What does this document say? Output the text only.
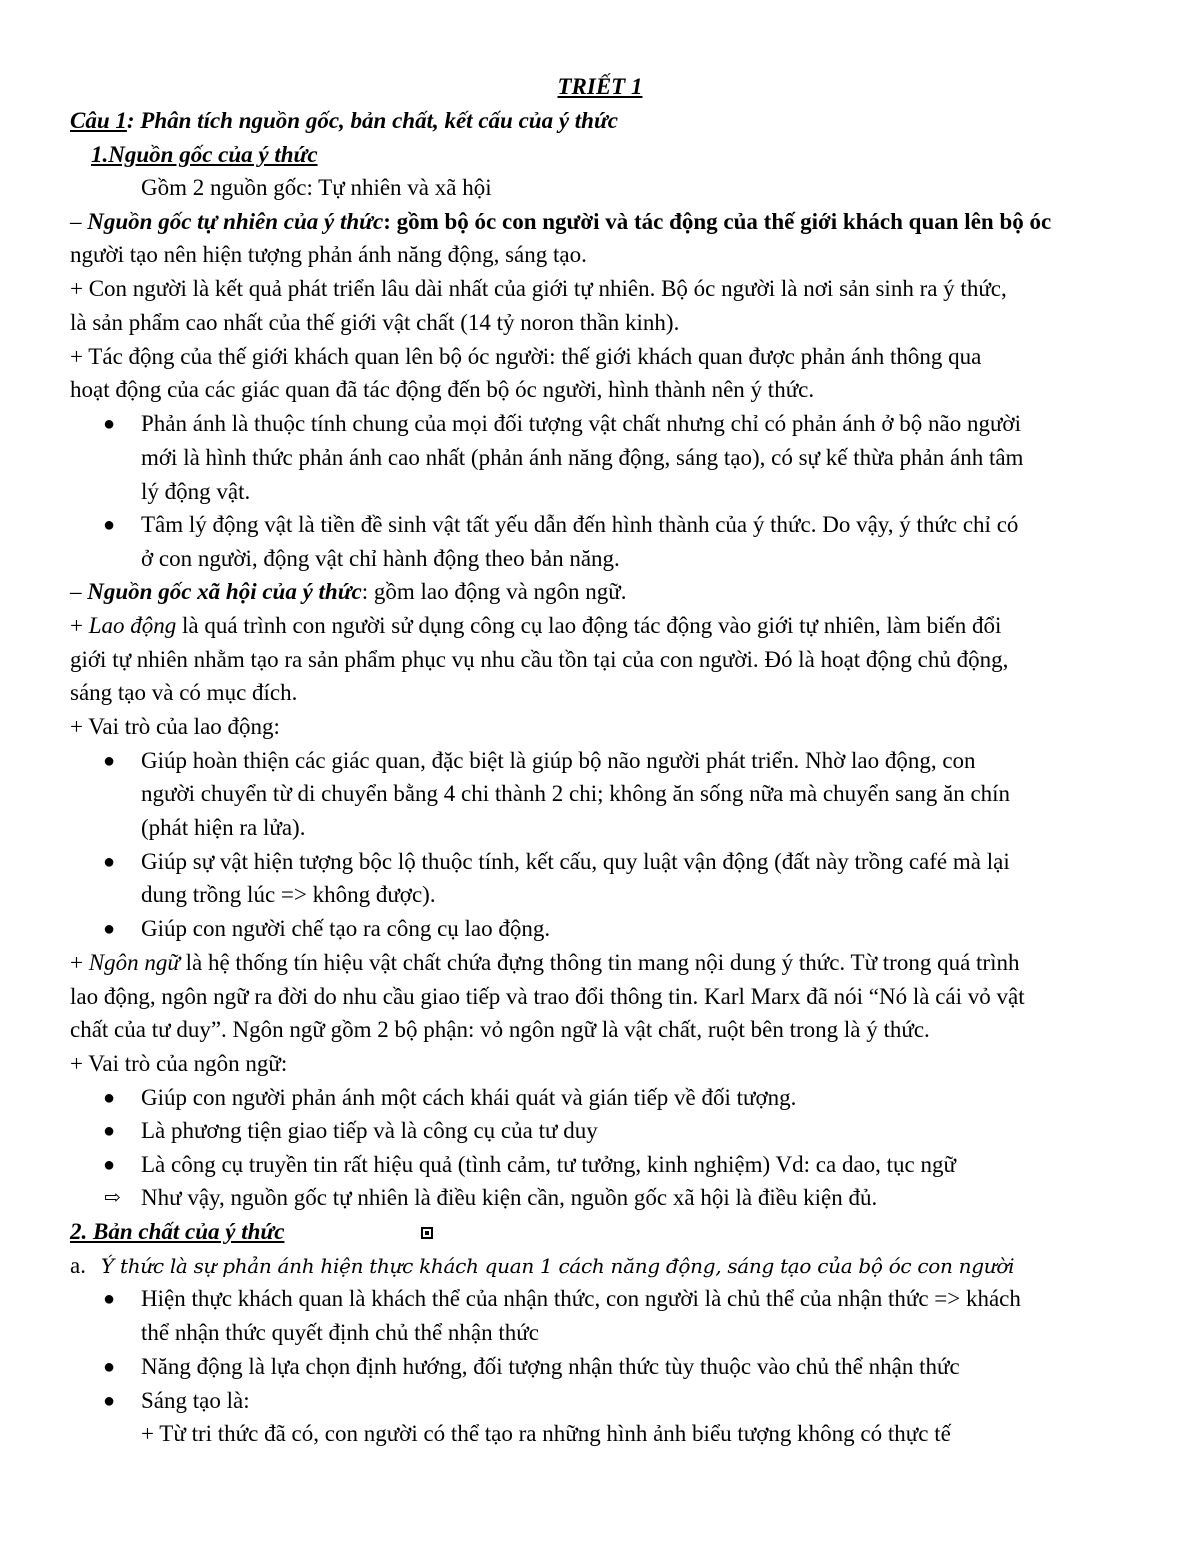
TRIẾT 1
Câu 1: Phân tích nguồn gốc, bản chất, kết cấu của ý thức
1.Nguồn gốc của ý thức
Gồm 2 nguồn gốc: Tự nhiên và xã hội
– Nguồn gốc tự nhiên của ý thức: gồm bộ óc con người và tác động của thế giới khách quan lên bộ óc
người tạo nên hiện tượng phản ánh năng động, sáng tạo.
+ Con người là kết quả phát triển lâu dài nhất của giới tự nhiên. Bộ óc người là nơi sản sinh ra ý thức,
là sản phẩm cao nhất của thế giới vật chất (14 tỷ noron thần kinh).
+ Tác động của thế giới khách quan lên bộ óc người: thế giới khách quan được phản ánh thông qua
hoạt động của các giác quan đã tác động đến bộ óc người, hình thành nên ý thức.
● Phản ánh là thuộc tính chung của mọi đối tượng vật chất nhưng chỉ có phản ánh ở bộ não người
mới là hình thức phản ánh cao nhất (phản ánh năng động, sáng tạo), có sự kế thừa phản ánh tâm
lý động vật.
● Tâm lý động vật là tiền đề sinh vật tất yếu dẫn đến hình thành của ý thức. Do vậy, ý thức chỉ có
ở con người, động vật chỉ hành động theo bản năng.
– Nguồn gốc xã hội của ý thức: gồm lao động và ngôn ngữ.
+ Lao động là quá trình con người sử dụng công cụ lao động tác động vào giới tự nhiên, làm biến đổi
giới tự nhiên nhằm tạo ra sản phẩm phục vụ nhu cầu tồn tại của con người. Đó là hoạt động chủ động,
sáng tạo và có mục đích.
+ Vai trò của lao động:
● Giúp hoàn thiện các giác quan, đặc biệt là giúp bộ não người phát triển. Nhờ lao động, con
người chuyển từ di chuyển bằng 4 chi thành 2 chi; không ăn sống nữa mà chuyển sang ăn chín
(phát hiện ra lửa).
● Giúp sự vật hiện tượng bộc lộ thuộc tính, kết cấu, quy luật vận động (đất này trồng café mà lại
dung trồng lúc => không được).
● Giúp con người chế tạo ra công cụ lao động.
+ Ngôn ngữ là hệ thống tín hiệu vật chất chứa đựng thông tin mang nội dung ý thức. Từ trong quá trình
lao động, ngôn ngữ ra đời do nhu cầu giao tiếp và trao đổi thông tin. Karl Marx đã nói “Nó là cái vỏ vật
chất của tư duy”. Ngôn ngữ gồm 2 bộ phận: vỏ ngôn ngữ là vật chất, ruột bên trong là ý thức.
+ Vai trò của ngôn ngữ:
● Giúp con người phản ánh một cách khái quát và gián tiếp về đối tượng.
● Là phương tiện giao tiếp và là công cụ của tư duy
● Là công cụ truyền tin rất hiệu quả (tình cảm, tư tưởng, kinh nghiệm) Vd: ca dao, tục ngữ
⇨ Như vậy, nguồn gốc tự nhiên là điều kiện cần, nguồn gốc xã hội là điều kiện đủ.
2. Bản chất của ý thức
a. Ý thức là sự phản ánh hiện thực khách quan 1 cách năng động, sáng tạo của bộ óc con người
● Hiện thực khách quan là khách thể của nhận thức, con người là chủ thể của nhận thức => khách
thể nhận thức quyết định chủ thể nhận thức
● Năng động là lựa chọn định hướng, đối tượng nhận thức tùy thuộc vào chủ thể nhận thức
● Sáng tạo là:
+ Từ tri thức đã có, con người có thể tạo ra những hình ảnh biểu tượng không có thực tế
